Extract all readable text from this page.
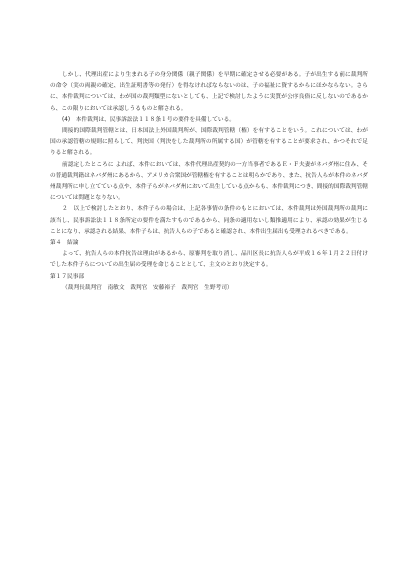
しかし、代理出産により生まれる子の身分関係（親子関係）を早期に確定させる必要がある。子が出生する前に裁判所の命令（実の両親の確定、出生証明書等の発行）を得なければならないのは、子の福祉に資するからにほかならない。さらに、本件裁判については、わが国の裁判類型にないとしても、上記で検討したように実質が公序良俗に反しないのであるから、この限りにおいては承認しうるものと解される。

(4)　本件裁判は、民事訴訟法１１８条１号の要件を具備している。

間接的国際裁判管轄とは、日本国法上外国裁判所が、国際裁判管轄（権）を有することをいう。これについては、わが国の承認管轄の規則に照らして、判決国（判決をした裁判所の所属する国）が管轄を有することが要求され、かつそれで足りると解される。

前認定したところに よれば、本件においては、本件代理出産契約の一方当事者であるＥ・Ｆ夫妻がネバダ州に住み、その普通裁判籍はネバダ州にあるから、アメリカ合衆国が管轄権を有することは明らかであり、また、抗告人らが本件のネバダ州裁判所に申し立てている点や、本件子らがネバダ州において出生している点からも、本件裁判につき、間接的国際裁判管轄については問題となりない。

２　以上で検討したとおり、本件子らの場合は、上記各事情の条件のもとにおいては、本件裁判は外国裁判所の裁判に該当し、民事訴訟法１１８条所定の要件を満たすものであるから、同条の適用ないし類推適用により、承認の効果が生じることになり、承認される結果、本件子らは、抗告人らの子であると確認され、本件出生届出も受理されるべきである。

第４　結論

よって、抗告人らの本件抗告は理由があるから、原審判を取り消し、品川区長に抗告人らが平成１６年１月２２日付けでした本件子らについての出生届の受理を命じることとして、主文のとおり決定する。

第１７民事部

（裁判長裁判官　南敏文　裁判官　安藤裕子　裁判官　生野考司）
